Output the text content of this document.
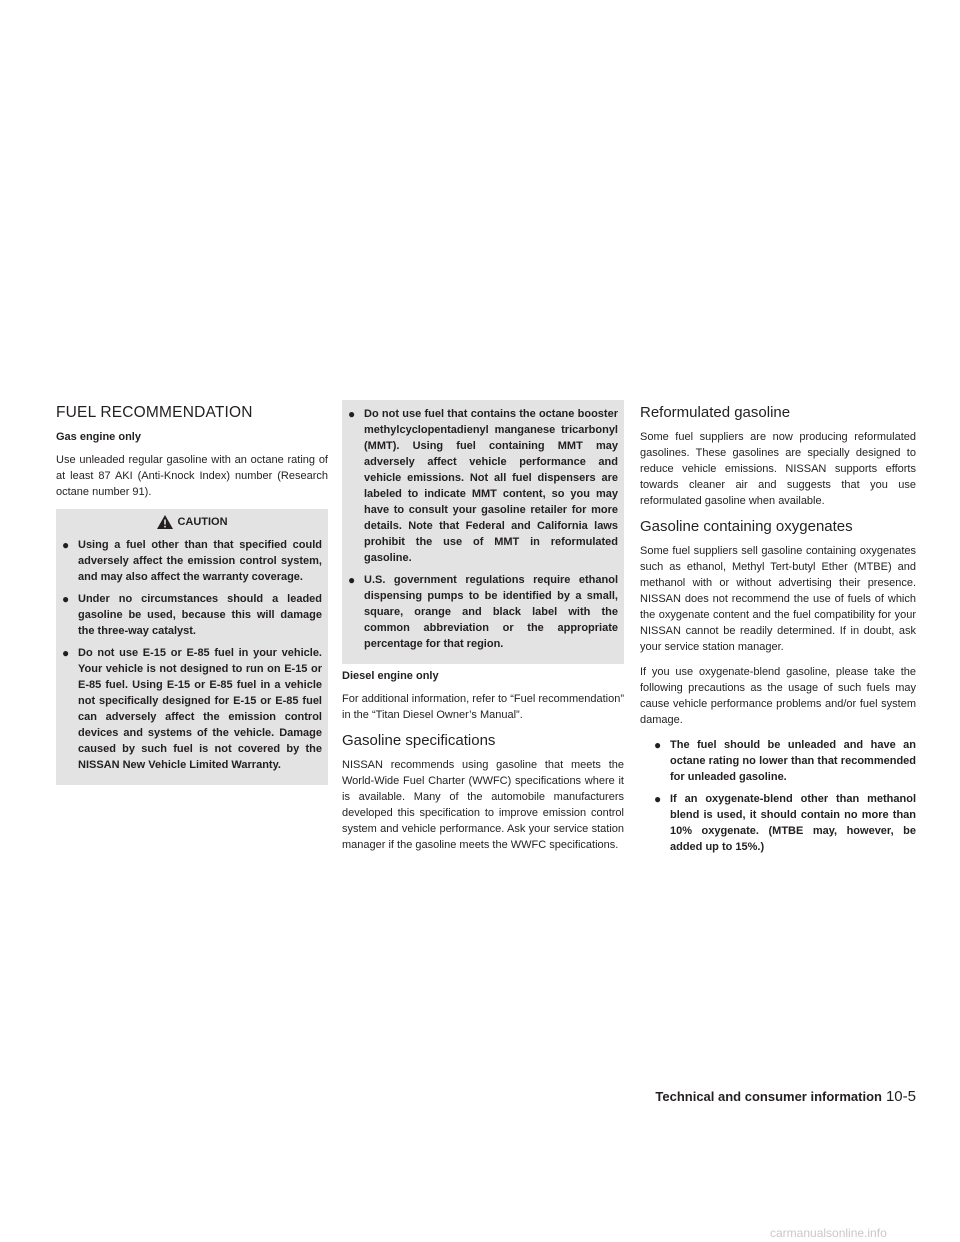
FUEL RECOMMENDATION
Gas engine only

Use unleaded regular gasoline with an octane rating of at least 87 AKI (Anti-Knock Index) number (Research octane number 91).

CAUTION
● Using a fuel other than that specified could adversely affect the emission control system, and may also affect the warranty coverage.
● Under no circumstances should a leaded gasoline be used, because this will damage the three-way catalyst.
● Do not use E-15 or E-85 fuel in your vehicle. Your vehicle is not designed to run on E-15 or E-85 fuel. Using E-15 or E-85 fuel in a vehicle not specifically designed for E-15 or E-85 fuel can adversely affect the emission control devices and systems of the vehicle. Damage caused by such fuel is not covered by the NISSAN New Vehicle Limited Warranty.
● Do not use fuel that contains the octane booster methylcyclopentadienyl manganese tricarbonyl (MMT). Using fuel containing MMT may adversely affect vehicle performance and vehicle emissions. Not all fuel dispensers are labeled to indicate MMT content, so you may have to consult your gasoline retailer for more details. Note that Federal and California laws prohibit the use of MMT in reformulated gasoline.
● U.S. government regulations require ethanol dispensing pumps to be identified by a small, square, orange and black label with the common abbreviation or the appropriate percentage for that region.
Diesel engine only

For additional information, refer to “Fuel recommendation” in the “Titan Diesel Owner’s Manual”.

Gasoline specifications

NISSAN recommends using gasoline that meets the World-Wide Fuel Charter (WWFC) specifications where it is available. Many of the automobile manufacturers developed this specification to improve emission control system and vehicle performance. Ask your service station manager if the gasoline meets the WWFC specifications.

Reformulated gasoline

Some fuel suppliers are now producing reformulated gasolines. These gasolines are specially designed to reduce vehicle emissions. NISSAN supports efforts towards cleaner air and suggests that you use reformulated gasoline when available.

Gasoline containing oxygenates

Some fuel suppliers sell gasoline containing oxygenates such as ethanol, Methyl Tert-butyl Ether (MTBE) and methanol with or without advertising their presence. NISSAN does not recommend the use of fuels of which the oxygenate content and the fuel compatibility for your NISSAN cannot be readily determined. If in doubt, ask your service station manager.

If you use oxygenate-blend gasoline, please take the following precautions as the usage of such fuels may cause vehicle performance problems and/or fuel system damage.

● The fuel should be unleaded and have an octane rating no lower than that recommended for unleaded gasoline.
● If an oxygenate-blend other than methanol blend is used, it should contain no more than 10% oxygenate. (MTBE may, however, be added up to 15%.)
Technical and consumer information 10-5
carmanualsonline.info
